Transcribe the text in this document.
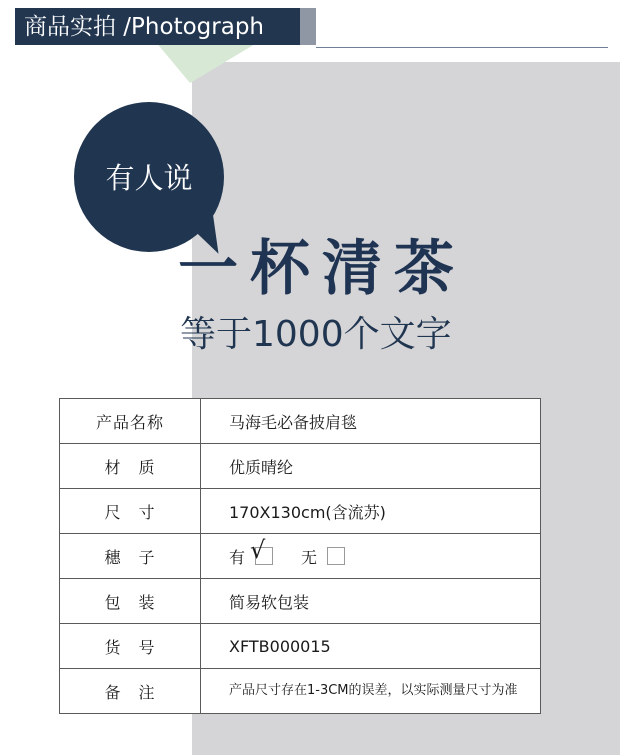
商品实拍 /Photograph
有人说
一杯清茶
等于1000个文字
产品名称	马海毛必备披肩毯
材　质	优质晴纶
尺　寸	170X130cm(含流苏)
穗　子	有 √ 无

包　装	简易软包装
货　号	XFTB000015
备　注	产品尺寸存在1-3CM的误差，以实际测量尺寸为准
